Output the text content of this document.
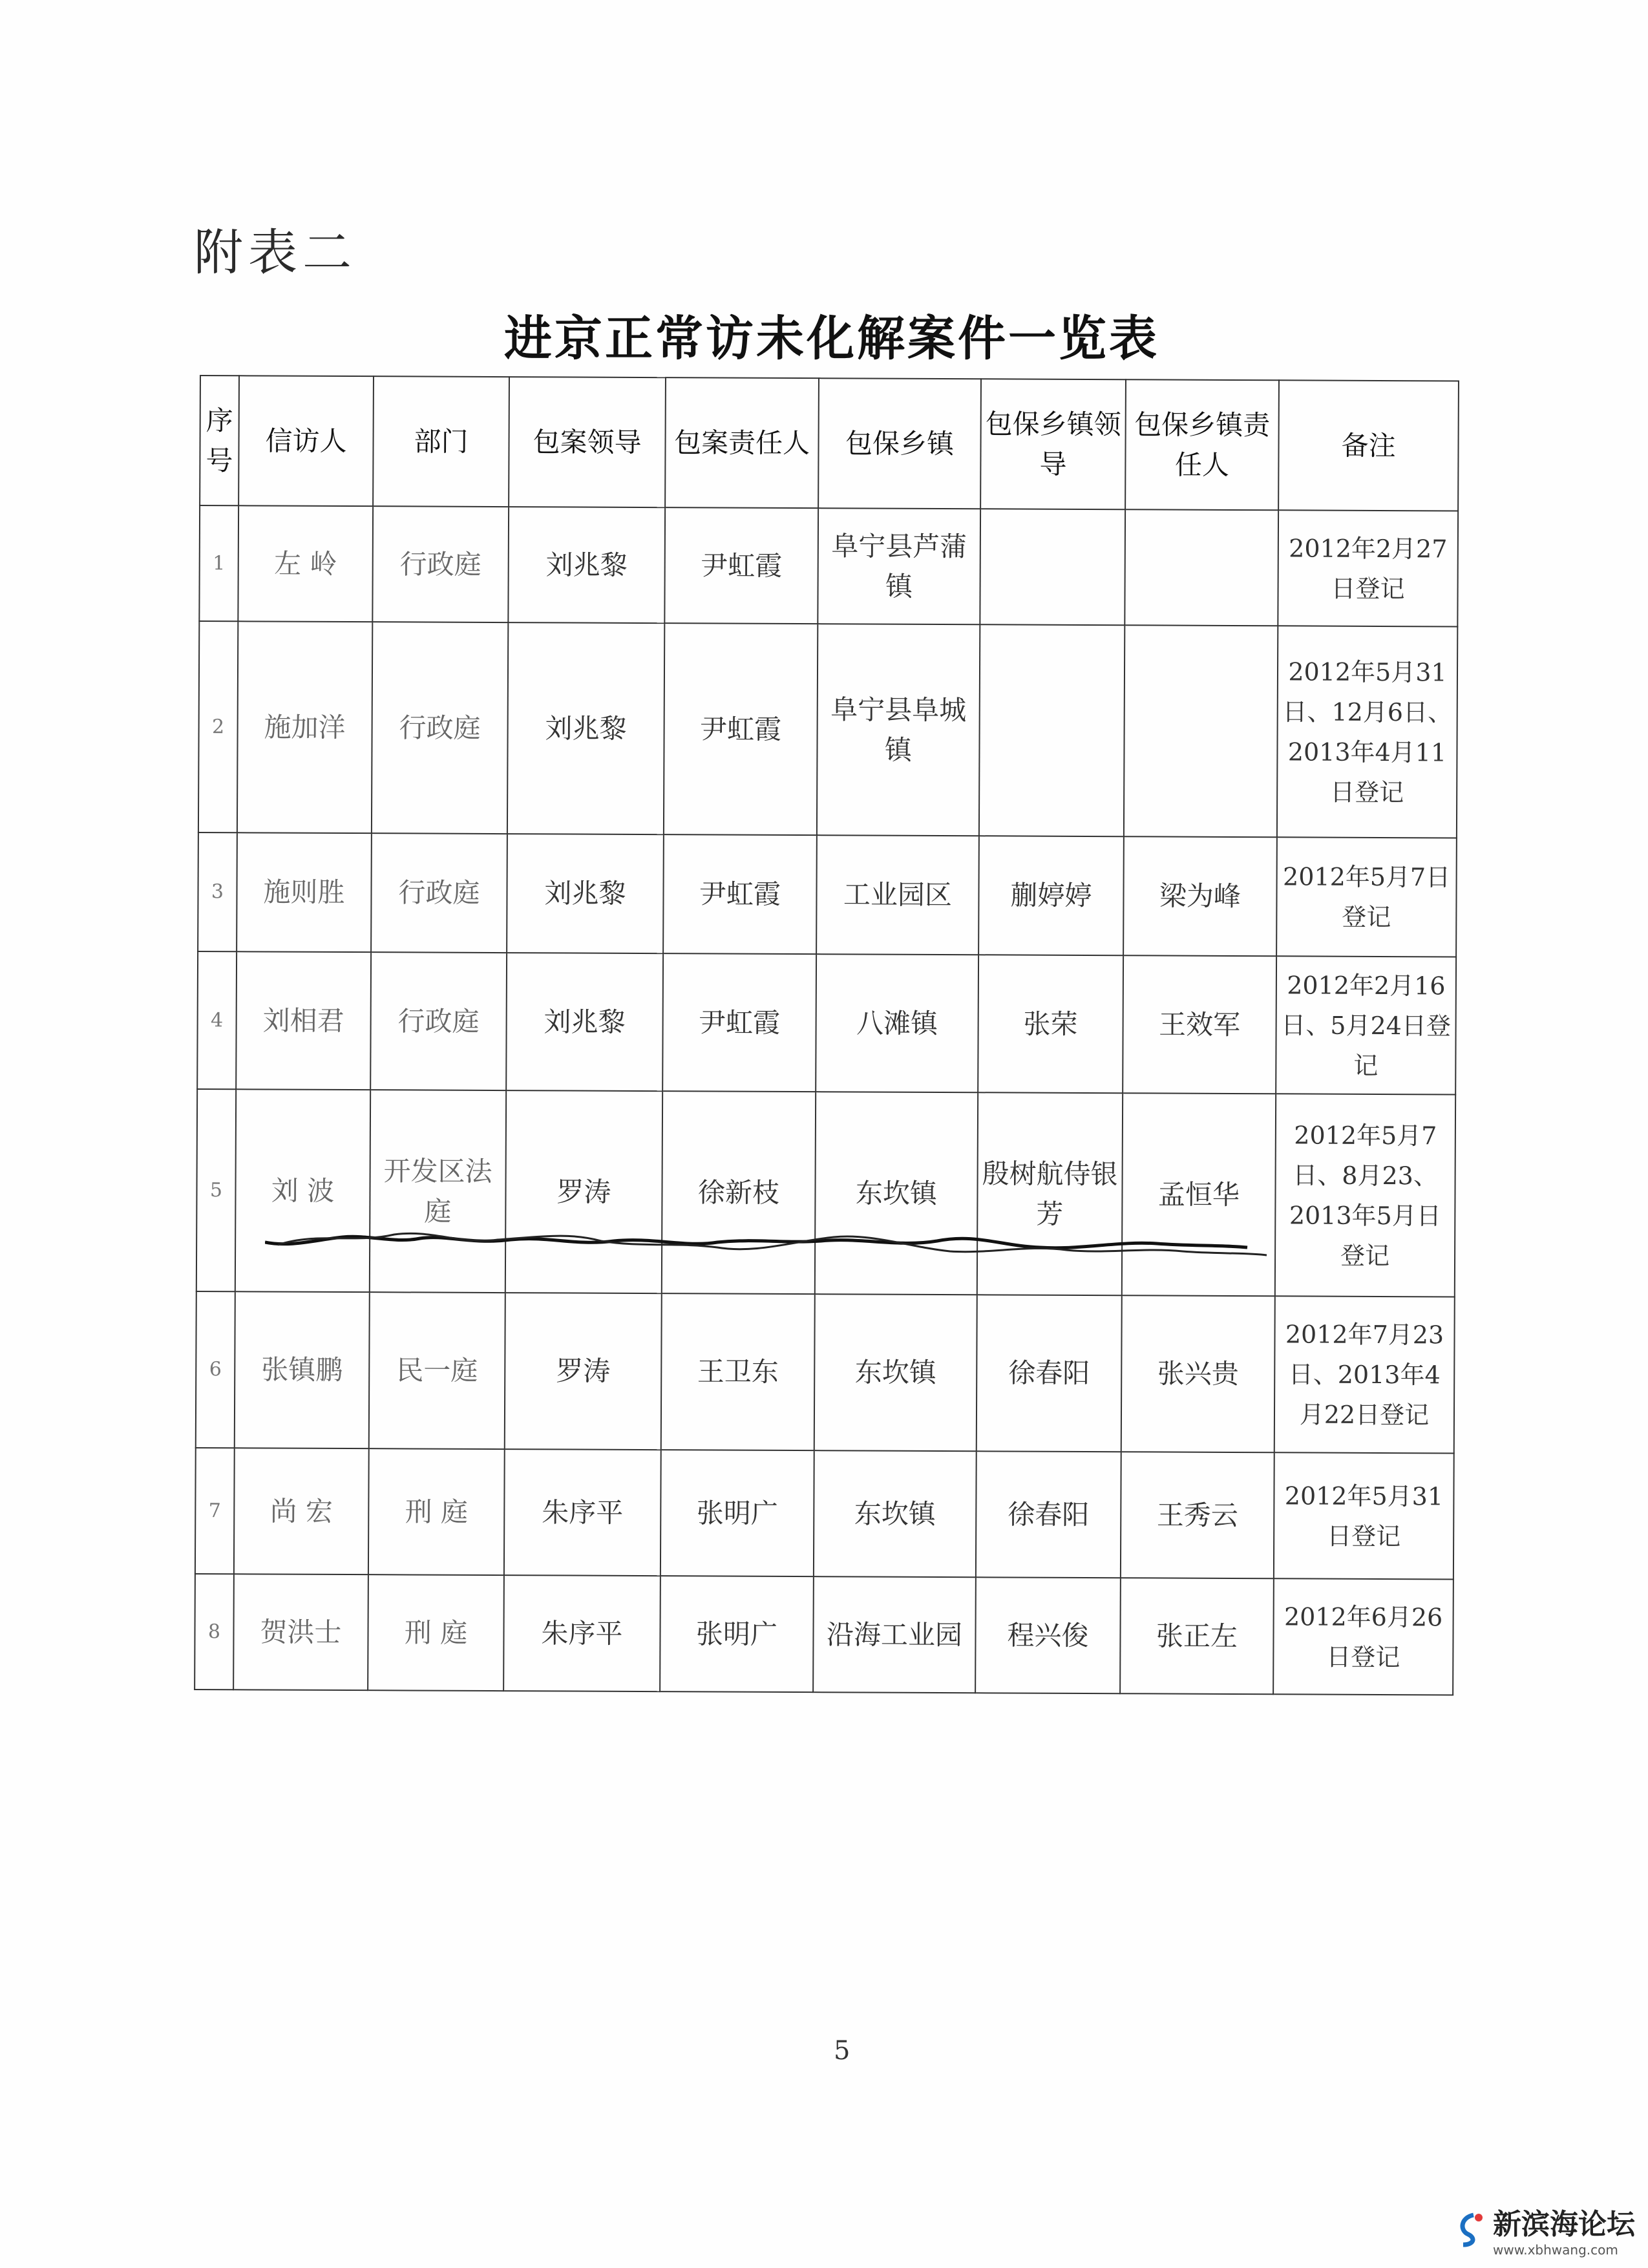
附表二
进京正常访未化解案件一览表
序号	信访人	部门	包案领导	包案责任人	包保乡镇	包保乡镇领导	包保乡镇责任人	备注
1	左 岭	行政庭	刘兆黎	尹虹霞	阜宁县芦蒲镇			2012年2月27日登记
2	施加洋	行政庭	刘兆黎	尹虹霞	阜宁县阜城镇			2012年5月31日、12月6日、2013年4月11日登记
3	施则胜	行政庭	刘兆黎	尹虹霞	工业园区	蒯婷婷	梁为峰	2012年5月7日登记
4	刘相君	行政庭	刘兆黎	尹虹霞	八滩镇	张荣	王效军	2012年2月16日、5月24日登记
5	刘 波	开发区法庭	罗涛	徐新枝	东坎镇	殷树航侍银芳	孟恒华	2012年5月7日、8月23、2013年5月日登记
6	张镇鹏	民一庭	罗涛	王卫东	东坎镇	徐春阳	张兴贵	2012年7月23日、2013年4月22日登记
7	尚 宏	刑 庭	朱序平	张明广	东坎镇	徐春阳	王秀云	2012年5月31日登记
8	贺洪士	刑 庭	朱序平	张明广	沿海工业园	程兴俊	张正左	2012年6月26日登记
5
新滨海论坛
www.xbhwang.com
